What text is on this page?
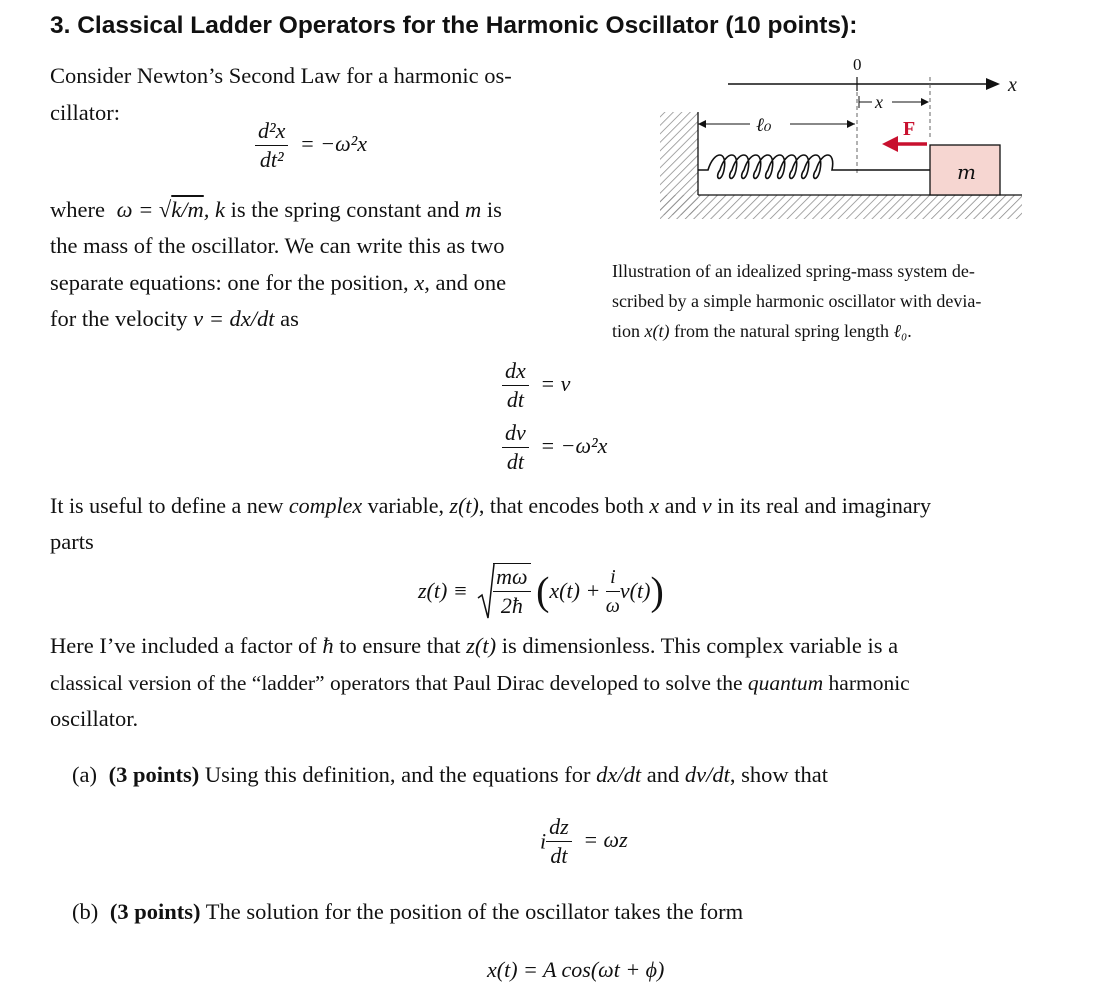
3. Classical Ladder Operators for the Harmonic Oscillator (10 points):
Consider Newton’s Second Law for a harmonic os-
cillator:
$\frac{\text{d²x}}{\text{dt²}} = -\omega^2x$
where ω = √k/m, k is the spring constant and m is
the mass of the oscillator. We can write this as two
separate equations: one for the position, x, and one
for the velocity v = dx/dt as
0
x
ℓ₀
x
F
m
Illustration of an idealized spring-mass system de-
scribed by a simple harmonic oscillator with devia-
tion x(t) from the natural spring length ℓ₀.
$\frac{dx}{dt} = v$
$\frac{dv}{dt} = -\omega^2x$
It is useful to define a new complex variable, z(t), that encodes both x and v in its real and imaginary
parts
$z(t) \equiv \frac{m\omega}{2ħ} (x(t) + \frac{i}{\omega} v(t))$
Here I’ve included a factor of ħ to ensure that z(t) is dimensionless. This complex variable is a
classical version of the “ladder” operators that Paul Dirac developed to solve the quantum harmonic
oscillator.
(a) (3 points) Using this definition, and the equations for dx/dt and dv/dt, show that
i $\frac{dz}{dt} = \omega z$
(b) (3 points) The solution for the position of the oscillator takes the form
x(t) = A cos(ωt + ϕ)
